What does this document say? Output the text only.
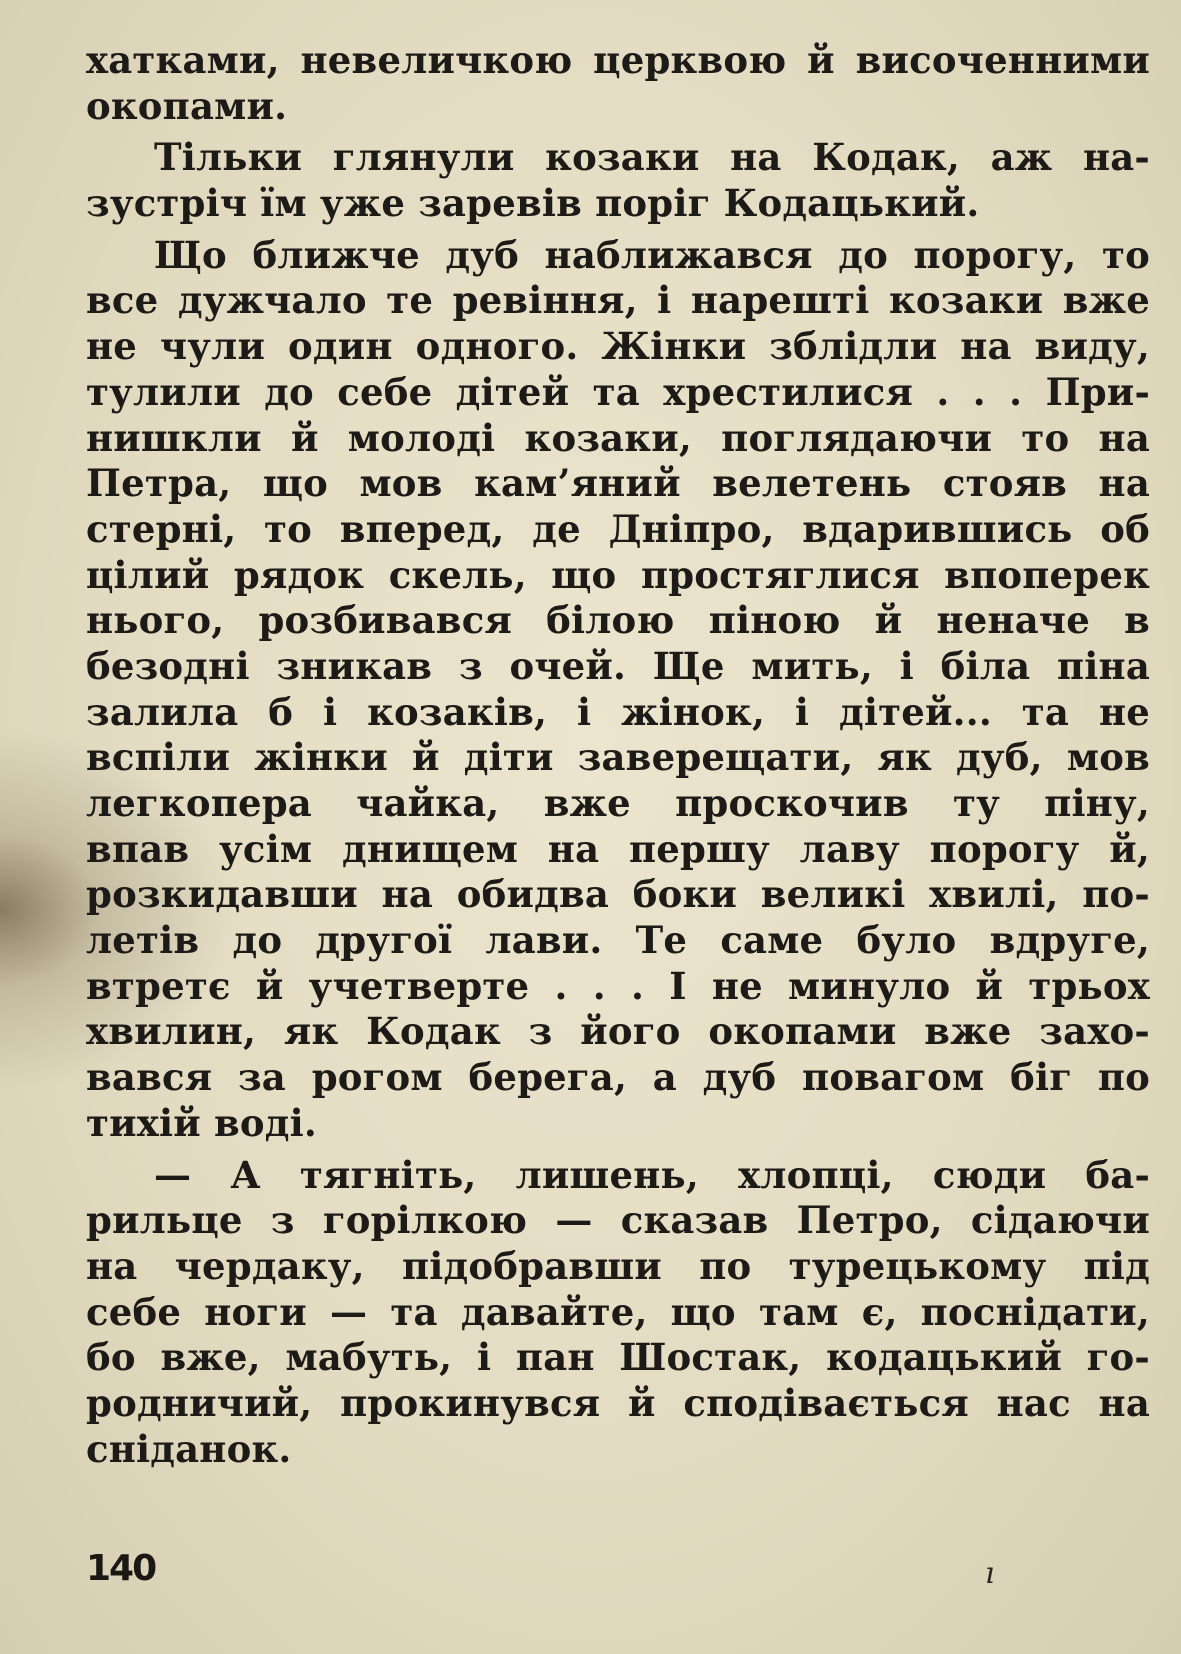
хатками, невеличкою церквою й височенними
окопами.
Тільки глянули козаки на Кодак, аж на-
зустріч їм уже заревів поріг Кодацький.
Що ближче дуб наближався до порогу, то
все дужчало те ревіння, і нарешті козаки вже
не чули один одного. Жінки зблідли на виду,
тулили до себе дітей та хрестилися . . . При-
нишкли й молоді козаки, поглядаючи то на
Петра, що мов кам’яний велетень стояв на
стерні, то вперед, де Дніпро, вдарившись об
цілий рядок скель, що простяглися впоперек
нього, розбивався білою піною й неначе в
безодні зникав з очей. Ще мить, і біла піна
залила б і козаків, і жінок, і дітей... та не
вспіли жінки й діти заверещати, як дуб, мов
легкопера чайка, вже проскочив ту піну,
впав усім днищем на першу лаву порогу й,
розкидавши на обидва боки великі хвилі, по-
летів до другої лави. Те саме було вдруге,
втретє й учетверте . . . І не минуло й трьох
хвилин, як Кодак з його окопами вже захо-
вався за рогом берега, а дуб повагом біг по
тихій воді.
— А тягніть, лишень, хлопці, сюди ба-
рильце з горілкою — сказав Петро, сідаючи
на чердаку, підобравши по турецькому під
себе ноги — та давайте, що там є, поснідати,
бо вже, мабуть, і пан Шостак, кодацький го-
родничий, прокинувся й сподівається нас на
сніданок.
140	ı
